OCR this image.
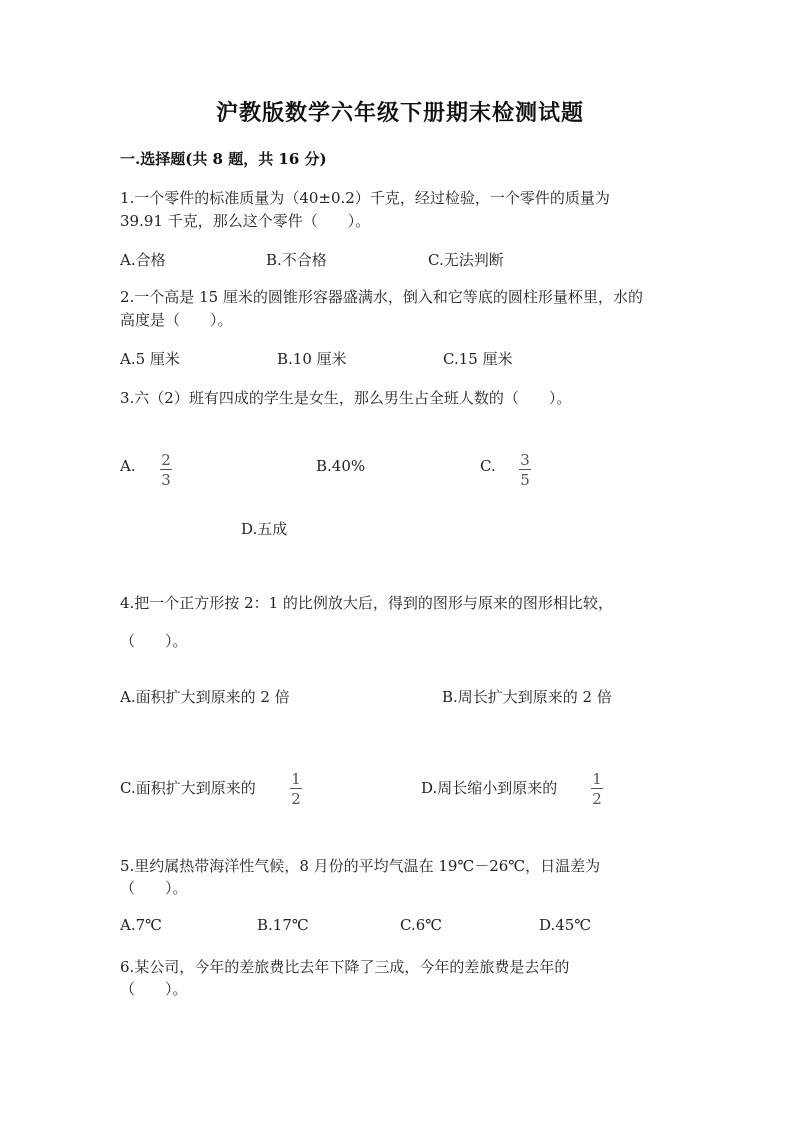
沪教版数学六年级下册期末检测试题
一.选择题(共 8 题，共 16 分)
1.一个零件的标准质量为（40±0.2）千克，经过检验，一个零件的质量为
39.91 千克，那么这个零件（　　）。
A.合格	B.不合格	C.无法判断
2.一个高是 15 厘米的圆锥形容器盛满水，倒入和它等底的圆柱形量杯里，水的
高度是（　　）。
A.5 厘米	B.10 厘米	C.15 厘米
3.六（2）班有四成的学生是女生，那么男生占全班人数的（　　）。
A. 2
3
B.40%	C. 3
5
D.五成
4.把一个正方形按 2：1 的比例放大后，得到的图形与原来的图形相比较，
（　　）。
A.面积扩大到原来的 2 倍	B.周长扩大到原来的 2 倍
C.面积扩大到原来的 1
2
D.周长缩小到原来的 1
2
5.里约属热带海洋性气候，8 月份的平均气温在 19℃－26℃，日温差为
（　　）。
A.7℃	B.17℃	C.6℃	D.45℃
6.某公司，今年的差旅费比去年下降了三成，今年的差旅费是去年的
（　　）。
